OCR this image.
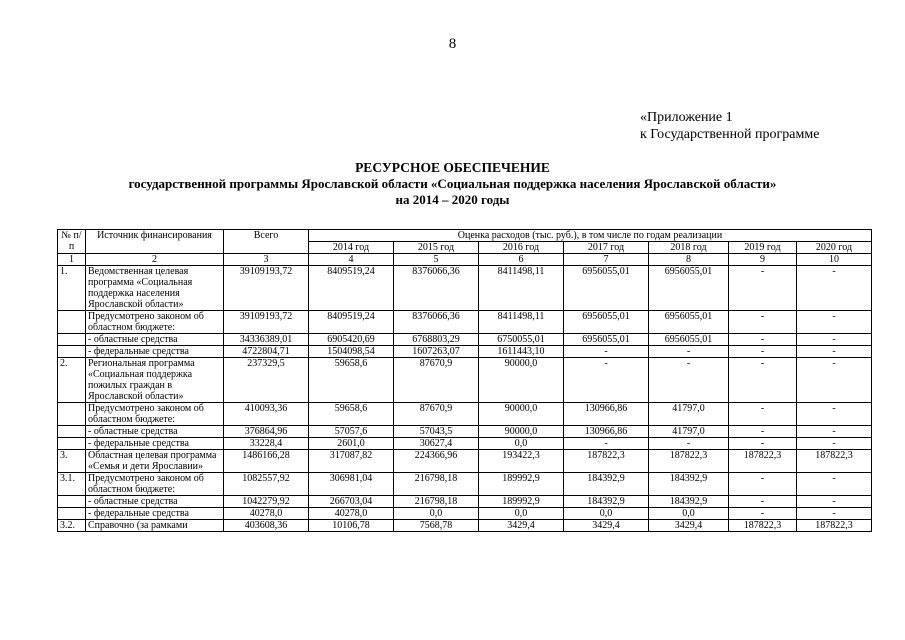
8
«Приложение 1
к Государственной программе
РЕСУРСНОЕ ОБЕСПЕЧЕНИЕ
государственной программы Ярославской области «Социальная поддержка населения Ярославской области»
на 2014 – 2020 годы
№ п/п	Источник финансирования	Всего	Оценка расходов (тыс. руб.), в том числе по годам реализации						
			2014 год	2015 год	2016 год	2017 год	2018 год	2019 год	2020 год
1	2	3	4	5	6	7	8	9	10
1.	Ведомственная целевая программа «Социальная поддержка населения Ярославской области»	39109193,72	8409519,24	8376066,36	8411498,11	6956055,01	6956055,01	-	-
	Предусмотрено законом об областном бюджете:	39109193,72	8409519,24	8376066,36	8411498,11	6956055,01	6956055,01	-	-
	- областные средства	34336389,01	6905420,69	6768803,29	6750055,01	6956055,01	6956055,01	-	-
	- федеральные средства	4722804,71	1504098,54	1607263,07	1611443,10	-	-	-	-
2.	Региональная программа «Социальная поддержка пожилых граждан в Ярославской области»	237329,5	59658,6	87670,9	90000,0	-	-	-	-
	Предусмотрено законом об областном бюджете:	410093,36	59658,6	87670,9	90000,0	130966,86	41797,0	-	-
	- областные средства	376864,96	57057,6	57043,5	90000,0	130966,86	41797,0	-	-
	- федеральные средства	33228,4	2601,0	30627,4	0,0	-	-	-	-
3.	Областная целевая программа «Семья и дети Ярославии»	1486166,28	317087,82	224366,96	193422,3	187822,3	187822,3	187822,3	187822,3
3.1.	Предусмотрено законом об областном бюджете:	1082557,92	306981,04	216798,18	189992,9	184392,9	184392,9	-	-
	- областные средства	1042279,92	266703,04	216798,18	189992,9	184392,9	184392,9	-	-
	- федеральные средства	40278,0	40278,0	0,0	0,0	0,0	0,0	-	-
3.2.	Справочно (за рамками	403608,36	10106,78	7568,78	3429,4	3429,4	3429,4	187822,3	187822,3
